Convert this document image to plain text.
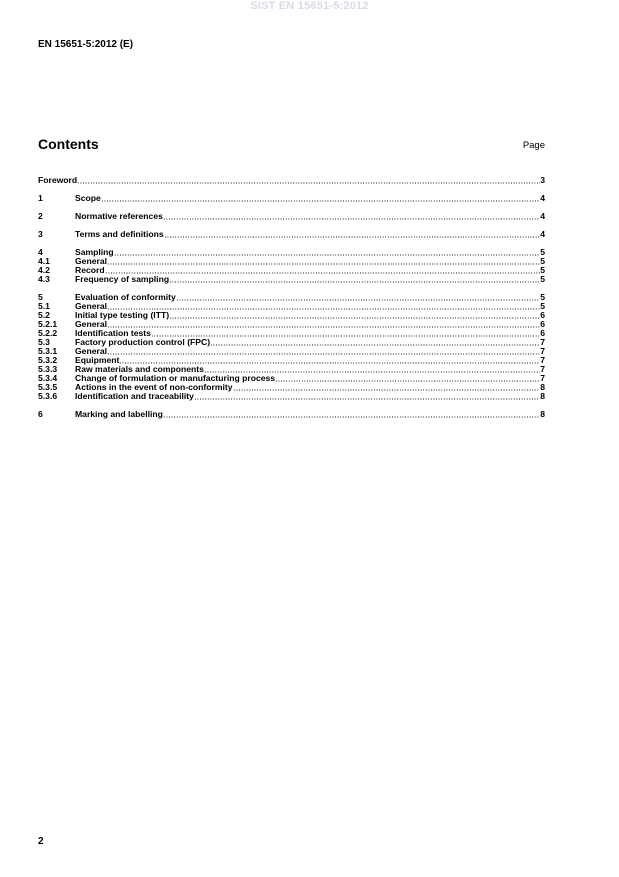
SIST EN 15651-5:2012
EN 15651-5:2012 (E)
Contents	Page
Foreword	3
1	Scope	4
2	Normative references	4
3	Terms and definitions	4
4	Sampling	5
4.1	General	5
4.2	Record	5
4.3	Frequency of sampling	5
5	Evaluation of conformity	5
5.1	General	5
5.2	Initial type testing (ITT)	6
5.2.1	General	6
5.2.2	Identification tests	6
5.3	Factory production control (FPC)	7
5.3.1	General	7
5.3.2	Equipment	7
5.3.3	Raw materials and components	7
5.3.4	Change of formulation or manufacturing process	7
5.3.5	Actions in the event of non-conformity	8
5.3.6	Identification and traceability	8
6	Marking and labelling	8
2
